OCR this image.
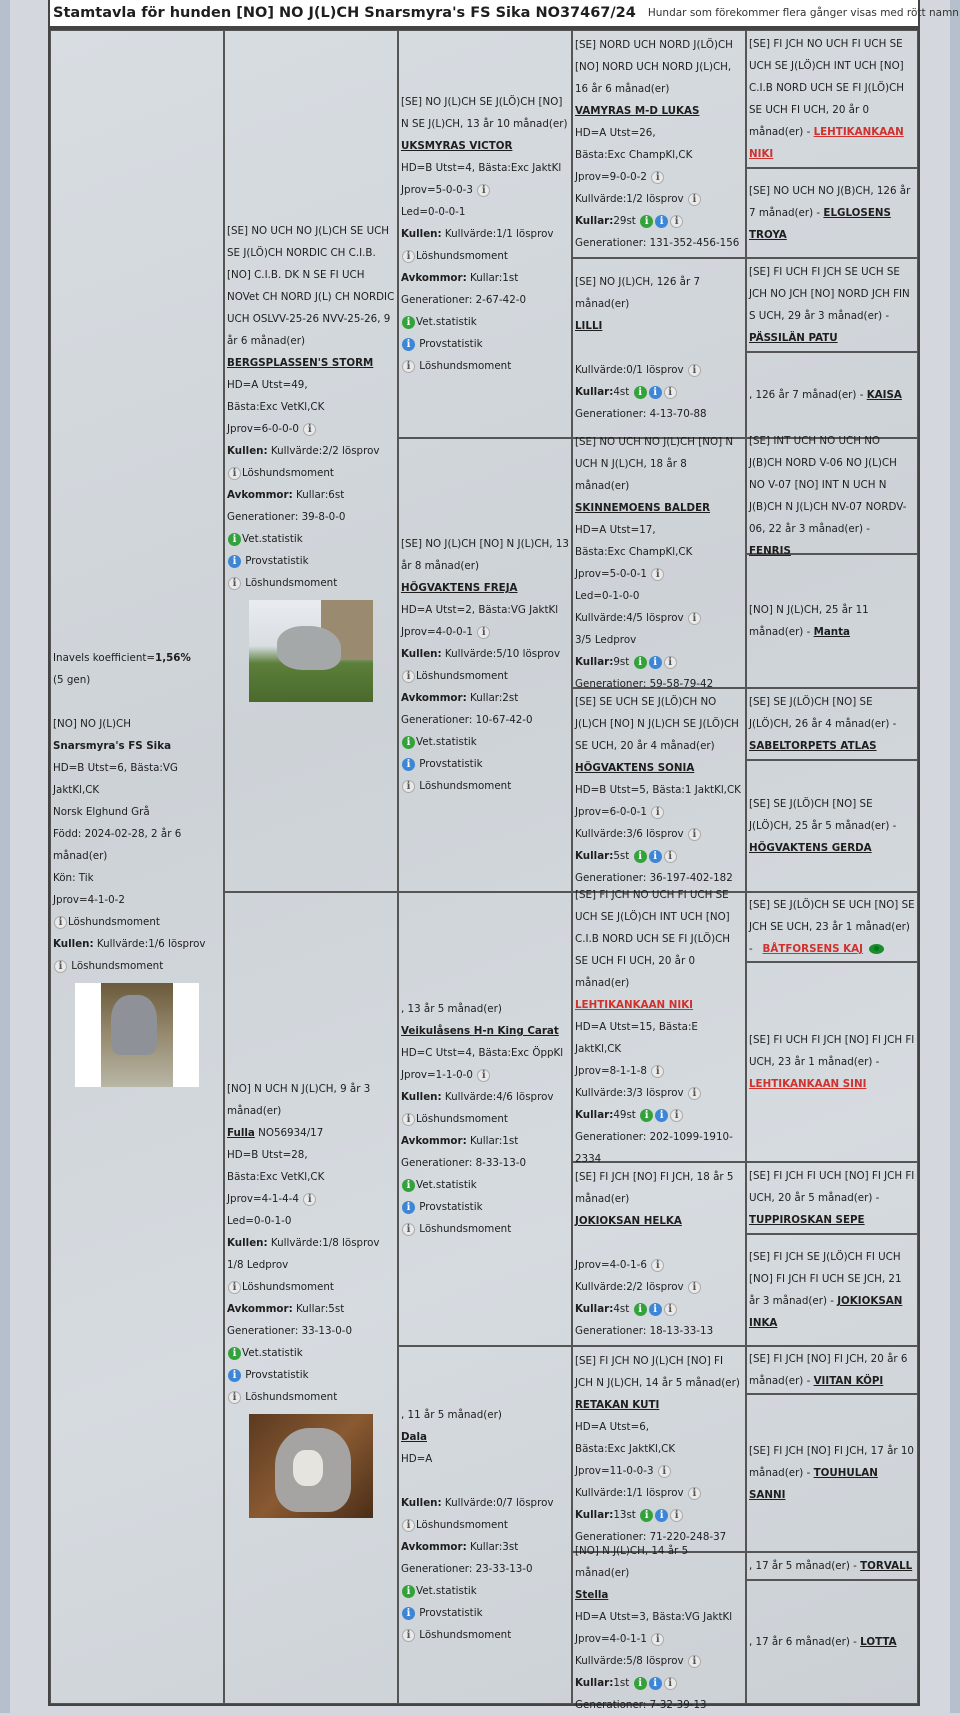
Stamtavla för hunden [NO] NO J(L)CH Snarsmyra's FS Sika NO37467/24 Hundar som förekommer flera gånger visas med rött namn
Inavels koefficient=1,56%
(5 gen)

[NO] NO J(L)CH
Snarsmyra's FS Sika
HD=B Utst=6, Bästa:VG JaktKl,CK
Norsk Elghund Grå
Född: 2024-02-28, 2 år 6
månad(er)
Kön: Tik
Jprov=4-1-0-2
i Löshundsmoment
Kullen: Kullvärde:1/6 lösprov
i Löshundsmoment
[SE] NO UCH NO J(L)CH SE UCH SE J(LÖ)CH NORDIC CH C.I.B. [NO] C.I.B. DK N SE FI UCH NOVet CH NORD J(L) CH NORDIC UCH OSLVV-25-26 NVV-25-26, 9 år 6 månad(er)
BERGSPLASSEN'S STORM
HD=A Utst=49,
Bästa:Exc VetKl,CK
Jprov=6-0-0-0 i
Kullen: Kullvärde:2/2 lösprov
i Löshundsmoment
Avkommor: Kullar:6st
Generationer: 39-8-0-0
i Vet.statistik
i Provstatistik
i Löshundsmoment
[NO] N UCH N J(L)CH, 9 år 3 månad(er)
Fulla NO56934/17
HD=B Utst=28,
Bästa:Exc VetKl,CK
Jprov=4-1-4-4 i
Led=0-0-1-0
Kullen: Kullvärde:1/8 lösprov
1/8 Ledprov
i Löshundsmoment
Avkommor: Kullar:5st
Generationer: 33-13-0-0
i Vet.statistik
i Provstatistik
i Löshundsmoment
[SE] NO J(L)CH SE J(LÖ)CH [NO] N SE J(L)CH, 13 år 10 månad(er)
UKSMYRAS VICTOR
HD=B Utst=4, Bästa:Exc JaktKl
Jprov=5-0-0-3 i
Led=0-0-0-1
Kullen: Kullvärde:1/1 lösprov
i Löshundsmoment
Avkommor: Kullar:1st
Generationer: 2-67-42-0
i Vet.statistik
i Provstatistik
i Löshundsmoment
[SE] NO J(L)CH [NO] N J(L)CH, 13 år 8 månad(er)
HÖGVAKTENS FREJA
HD=A Utst=2, Bästa:VG JaktKl
Jprov=4-0-0-1 i
Kullen: Kullvärde:5/10 lösprov
i Löshundsmoment
Avkommor: Kullar:2st
Generationer: 10-67-42-0
i Vet.statistik
i Provstatistik
i Löshundsmoment
, 13 år 5 månad(er)
Veikulåsens H-n King Carat
HD=C Utst=4, Bästa:Exc ÖppKl
Jprov=1-1-0-0 i
Kullen: Kullvärde:4/6 lösprov
i Löshundsmoment
Avkommor: Kullar:1st
Generationer: 8-33-13-0
i Vet.statistik
i Provstatistik
i Löshundsmoment
, 11 år 5 månad(er)
Dala
HD=A

Kullen: Kullvärde:0/7 lösprov
i Löshundsmoment
Avkommor: Kullar:3st
Generationer: 23-33-13-0
i Vet.statistik
i Provstatistik
i Löshundsmoment
[SE] NORD UCH NORD J(LÖ)CH [NO] NORD UCH NORD J(L)CH, 16 år 6 månad(er)
VAMYRAS M-D LUKAS
HD=A Utst=26,
Bästa:Exc ChampKl,CK
Jprov=9-0-0-2 i
Kullvärde:1/2 lösprov i
Kullar:29st i i i
Generationer: 131-352-456-156
[SE] NO J(L)CH, 126 år 7 månad(er)
LILLI

Kullvärde:0/1 lösprov i
Kullar:4st i i i
Generationer: 4-13-70-88
[SE] NO UCH NO J(L)CH [NO] N UCH N J(L)CH, 18 år 8 månad(er)
SKINNEMOENS BALDER
HD=A Utst=17,
Bästa:Exc ChampKl,CK
Jprov=5-0-0-1 i
Led=0-1-0-0
Kullvärde:4/5 lösprov i
3/5 Ledprov
Kullar:9st i i i
Generationer: 59-58-79-42
[SE] SE UCH SE J(LÖ)CH NO J(L)CH [NO] N J(L)CH SE J(LÖ)CH SE UCH, 20 år 4 månad(er)
HÖGVAKTENS SONIA
HD=B Utst=5, Bästa:1 JaktKl,CK
Jprov=6-0-0-1 i
Kullvärde:3/6 lösprov i
Kullar:5st i i i
Generationer: 36-197-402-182
[SE] FI JCH NO UCH FI UCH SE UCH SE J(LÖ)CH INT UCH [NO] C.I.B NORD UCH SE FI J(LÖ)CH SE UCH FI UCH, 20 år 0 månad(er)
LEHTIKANKAAN NIKI
HD=A Utst=15, Bästa:E JaktKl,CK
Jprov=8-1-1-8 i
Kullvärde:3/3 lösprov i
Kullar:49st i i i
Generationer: 202-1099-1910-2334
[SE] FI JCH [NO] FI JCH, 18 år 5 månad(er)
JOKIOKSAN HELKA

Jprov=4-0-1-6 i
Kullvärde:2/2 lösprov i
Kullar:4st i i i
Generationer: 18-13-33-13
[SE] FI JCH NO J(L)CH [NO] FI JCH N J(L)CH, 14 år 5 månad(er)
RETAKAN KUTI
HD=A Utst=6,
Bästa:Exc JaktKl,CK
Jprov=11-0-0-3 i
Kullvärde:1/1 lösprov i
Kullar:13st i i i
Generationer: 71-220-248-37
[NO] N J(L)CH, 14 år 5 månad(er)
Stella
HD=A Utst=3, Bästa:VG JaktKl
Jprov=4-0-1-1 i
Kullvärde:5/8 lösprov i
Kullar:1st i i i
Generationer: 7-32-39-13
[SE] FI JCH NO UCH FI UCH SE UCH SE J(LÖ)CH INT UCH [NO] C.I.B NORD UCH SE FI J(LÖ)CH SE UCH FI UCH, 20 år 0 månad(er) - LEHTIKANKAAN NIKI
[SE] NO UCH NO J(B)CH, 126 år 7 månad(er) - ELGLOSENS TROYA
[SE] FI UCH FI JCH SE UCH SE JCH NO JCH [NO] NORD JCH FIN S UCH, 29 år 3 månad(er) - PÄSSILÄN PATU
, 126 år 7 månad(er) - KAISA
[SE] INT UCH NO UCH NO J(B)CH NORD V-06 NO J(L)CH NO V-07 [NO] INT N UCH N J(B)CH N J(L)CH NV-07 NORDV-06, 22 år 3 månad(er) - FENRIS
[NO] N J(L)CH, 25 år 11 månad(er) - Manta
[SE] SE J(LÖ)CH [NO] SE J(LÖ)CH, 26 år 4 månad(er) - SABELTORPETS ATLAS
[SE] SE J(LÖ)CH [NO] SE J(LÖ)CH, 25 år 5 månad(er) - HÖGVAKTENS GERDA
[SE] SE J(LÖ)CH SE UCH [NO] SE JCH SE UCH, 23 år 1 månad(er) -   BÅTFORSENS KAJ
[SE] FI UCH FI JCH [NO] FI JCH FI UCH, 23 år 1 månad(er) - LEHTIKANKAAN SINI
[SE] FI JCH FI UCH [NO] FI JCH FI UCH, 20 år 5 månad(er) - TUPPIROSKAN SEPE
[SE] FI JCH SE J(LÖ)CH FI UCH [NO] FI JCH FI UCH SE JCH, 21 år 3 månad(er) - JOKIOKSAN INKA
[SE] FI JCH [NO] FI JCH, 20 år 6 månad(er) - VIITAN KÖPI
[SE] FI JCH [NO] FI JCH, 17 år 10 månad(er) - TOUHULAN SANNI
, 17 år 5 månad(er) - TORVALL
, 17 år 6 månad(er) - LOTTA
